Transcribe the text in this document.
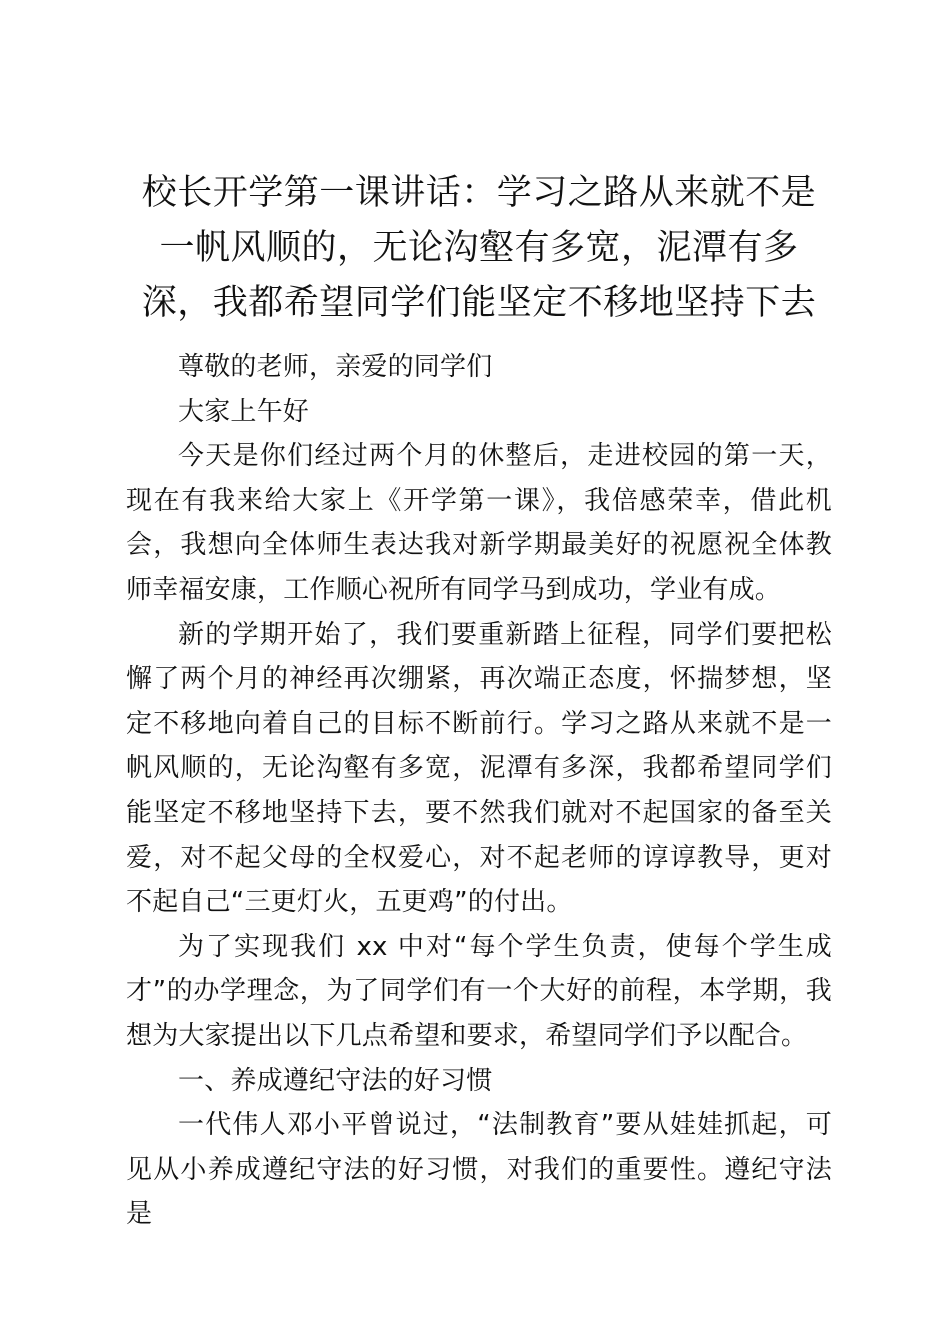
校长开学第一课讲话：学习之路从来就不是一帆风顺的，无论沟壑有多宽，泥潭有多深，我都希望同学们能坚定不移地坚持下去

尊敬的老师，亲爱的同学们

大家上午好

今天是你们经过两个月的休整后，走进校园的第一天，现在有我来给大家上《开学第一课》，我倍感荣幸，借此机会，我想向全体师生表达我对新学期最美好的祝愿祝全体教师幸福安康，工作顺心祝所有同学马到成功，学业有成。

新的学期开始了，我们要重新踏上征程，同学们要把松懈了两个月的神经再次绷紧，再次端正态度，怀揣梦想，坚定不移地向着自己的目标不断前行。学习之路从来就不是一帆风顺的，无论沟壑有多宽，泥潭有多深，我都希望同学们能坚定不移地坚持下去，要不然我们就对不起国家的备至关爱，对不起父母的全权爱心，对不起老师的谆谆教导，更对不起自己“三更灯火，五更鸡”的付出。

为了实现我们 xx 中对“每个学生负责，使每个学生成才”的办学理念，为了同学们有一个大好的前程，本学期，我想为大家提出以下几点希望和要求，希望同学们予以配合。

一、养成遵纪守法的好习惯

一代伟人邓小平曾说过，“法制教育”要从娃娃抓起，可见从小养成遵纪守法的好习惯，对我们的重要性。遵纪守法是
